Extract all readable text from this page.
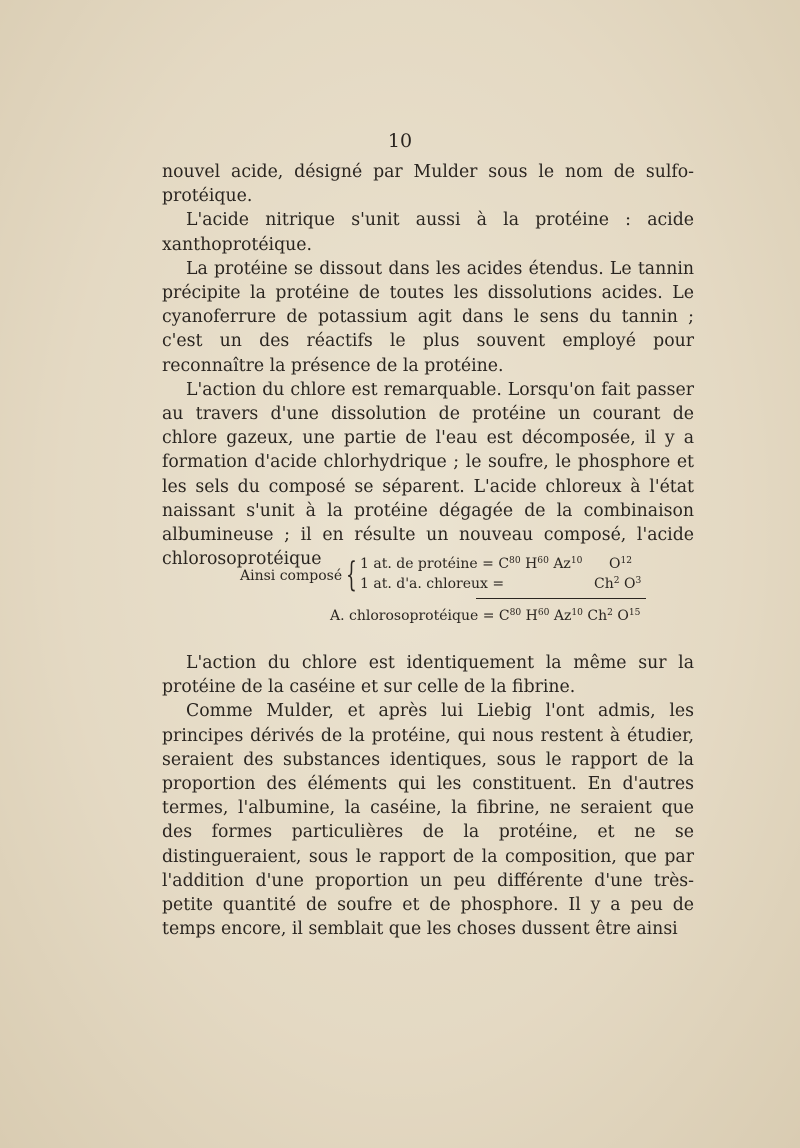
10

nouvel acide, désigné par Mulder sous le nom de sulfo-protéique.

L'acide nitrique s'unit aussi à la protéine : acide xanthoprotéique.

La protéine se dissout dans les acides étendus. Le tannin précipite la protéine de toutes les dissolutions acides. Le cyanoferrure de potassium agit dans le sens du tannin ; c'est un des réactifs le plus souvent employé pour reconnaître la présence de la protéine.

L'action du chlore est remarquable. Lorsqu'on fait passer au travers d'une dissolution de protéine un courant de chlore gazeux, une partie de l'eau est décomposée, il y a formation d'acide chlorhydrique ; le soufre, le phosphore et les sels du composé se séparent. L'acide chloreux à l'état naissant s'unit à la protéine dégagée de la combinaison albumineuse ; il en résulte un nouveau composé, l'acide chlorosoprotéique

Ainsi composé { 1 at. de protéine = $C^{80}$ $H^{60}$ Az$^{10}$ $O^{12}$
1 at. d'a. chloreux =	$Ch^2$ $O^3$
A. chlorosoprotéique = $C^{80}$ $H^{60}$ Az$^{10}$ Ch$^2$ $O^{15}$

L'action du chlore est identiquement la même sur la protéine de la caséine et sur celle de la fibrine.

Comme Mulder, et après lui Liebig l'ont admis, les principes dérivés de la protéine, qui nous restent à étudier, seraient des substances identiques, sous le rapport de la proportion des éléments qui les constituent. En d'autres termes, l'albumine, la caséine, la fibrine, ne seraient que des formes particulières de la protéine, et ne se distingueraient, sous le rapport de la composition, que par l'addition d'une proportion un peu différente d'une très-petite quantité de soufre et de phosphore. Il y a peu de temps encore, il semblait que les choses dussent être ainsi
